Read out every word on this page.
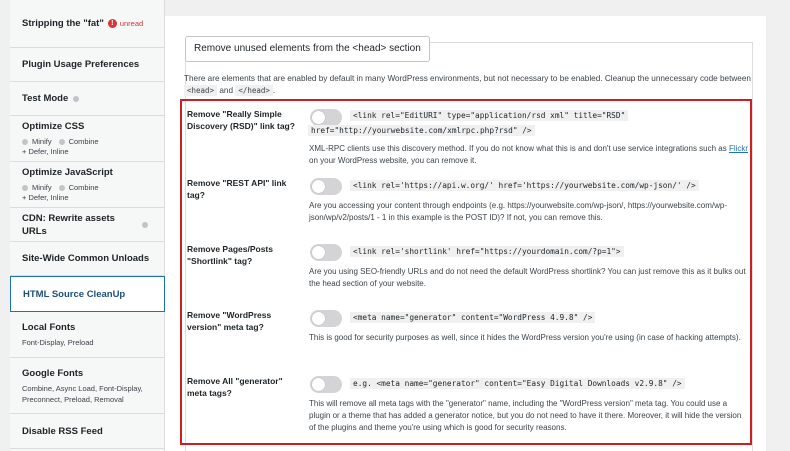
Stripping the "fat"	! unread
Plugin Usage Preferences
Test Mode
Optimize CSS
Minify Combine
+ Defer, Inline
Optimize JavaScript
Minify Combine
+ Defer, Inline
CDN: Rewrite assets URLs
Site-Wide Common Unloads
HTML Source CleanUp
Local Fonts
Font-Display, Preload
Google Fonts
Combine, Async Load, Font-Display, Preconnect, Preload, Removal
Disable RSS Feed
Remove unused elements from the <head> section
There are elements that are enabled by default in many WordPress environments, but not necessary to be enabled. Cleanup the unnecessary code between <head> and </head> .
Remove "Really Simple Discovery (RSD)" link tag?
<link rel="EditURI" type="application/rsd xml" title="RSD"
href="http://yourwebsite.com/xmlrpc.php?rsd" />
XML-RPC clients use this discovery method. If you do not know what this is and don't use service integrations such as Flickr on your WordPress website, you can remove it.
Remove "REST API" link tag?
<link rel='https://api.w.org/' href='https://yourwebsite.com/wp-json/' />
Are you accessing your content through endpoints (e.g. https://yourwebsite.com/wp-json/, https://yourwebsite.com/wp-json/wp/v2/posts/1 - 1 in this example is the POST ID)? If not, you can remove this.
Remove Pages/Posts "Shortlink" tag?
<link rel='shortlink' href="https://yourdomain.com/?p=1">
Are you using SEO-friendly URLs and do not need the default WordPress shortlink? You can just remove this as it bulks out the head section of your website.
Remove "WordPress version" meta tag?
<meta name="generator" content="WordPress 4.9.8" />
This is good for security purposes as well, since it hides the WordPress version you're using (in case of hacking attempts).
Remove All "generator" meta tags?
e.g. <meta name="generator" content="Easy Digital Downloads v2.9.8" />
This will remove all meta tags with the "generator" name, including the "WordPress version" meta tag. You could use a plugin or a theme that has added a generator notice, but you do not need to have it there. Moreover, it will hide the version of the plugins and theme you're using which is good for security reasons.
